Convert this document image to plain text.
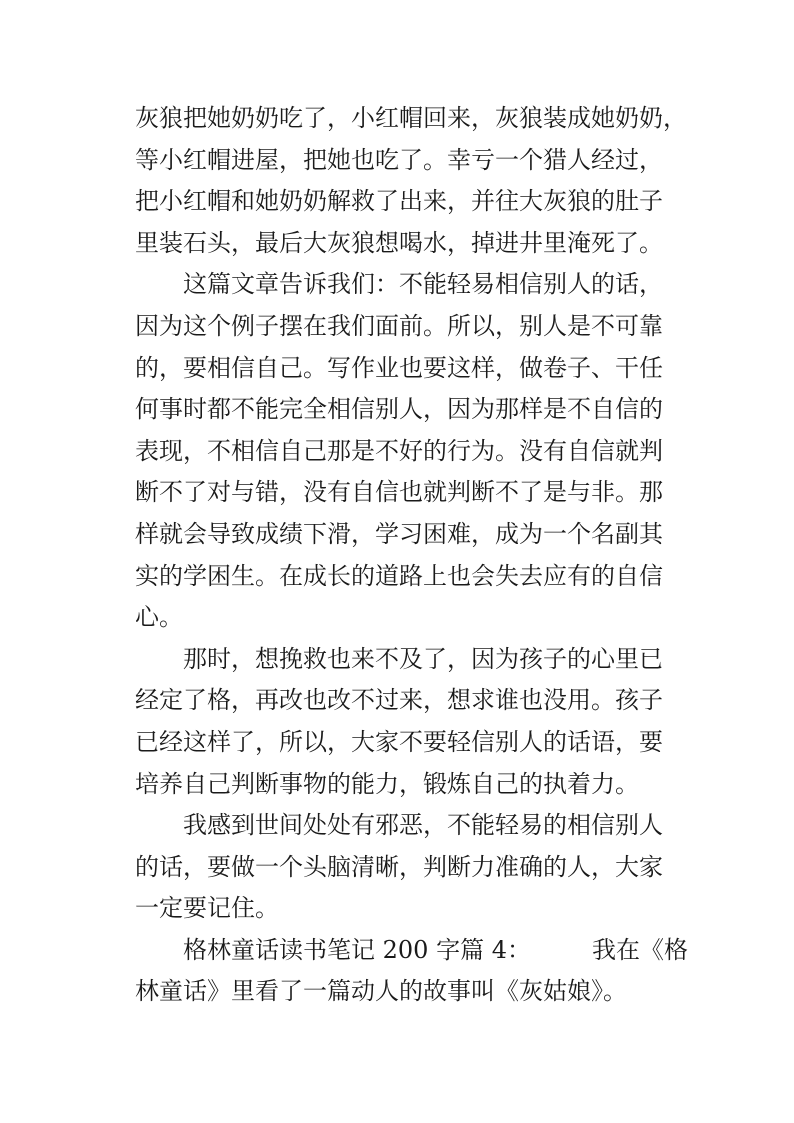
灰狼把她奶奶吃了，小红帽回来，灰狼装成她奶奶，
等小红帽进屋，把她也吃了。幸亏一个猎人经过，
把小红帽和她奶奶解救了出来，并往大灰狼的肚子
里装石头，最后大灰狼想喝水，掉进井里淹死了。
这篇文章告诉我们：不能轻易相信别人的话，
因为这个例子摆在我们面前。所以，别人是不可靠
的，要相信自己。写作业也要这样，做卷子、干任
何事时都不能完全相信别人，因为那样是不自信的
表现，不相信自己那是不好的行为。没有自信就判
断不了对与错，没有自信也就判断不了是与非。那
样就会导致成绩下滑，学习困难，成为一个名副其
实的学困生。在成长的道路上也会失去应有的自信
心。
那时，想挽救也来不及了，因为孩子的心里已
经定了格，再改也改不过来，想求谁也没用。孩子
已经这样了，所以，大家不要轻信别人的话语，要
培养自己判断事物的能力，锻炼自己的执着力。
我感到世间处处有邪恶，不能轻易的相信别人
的话，要做一个头脑清晰，判断力准确的人，大家
一定要记住。
格林童话读书笔记 200 字篇 4：        我在《格
林童话》里看了一篇动人的故事叫《灰姑娘》。
